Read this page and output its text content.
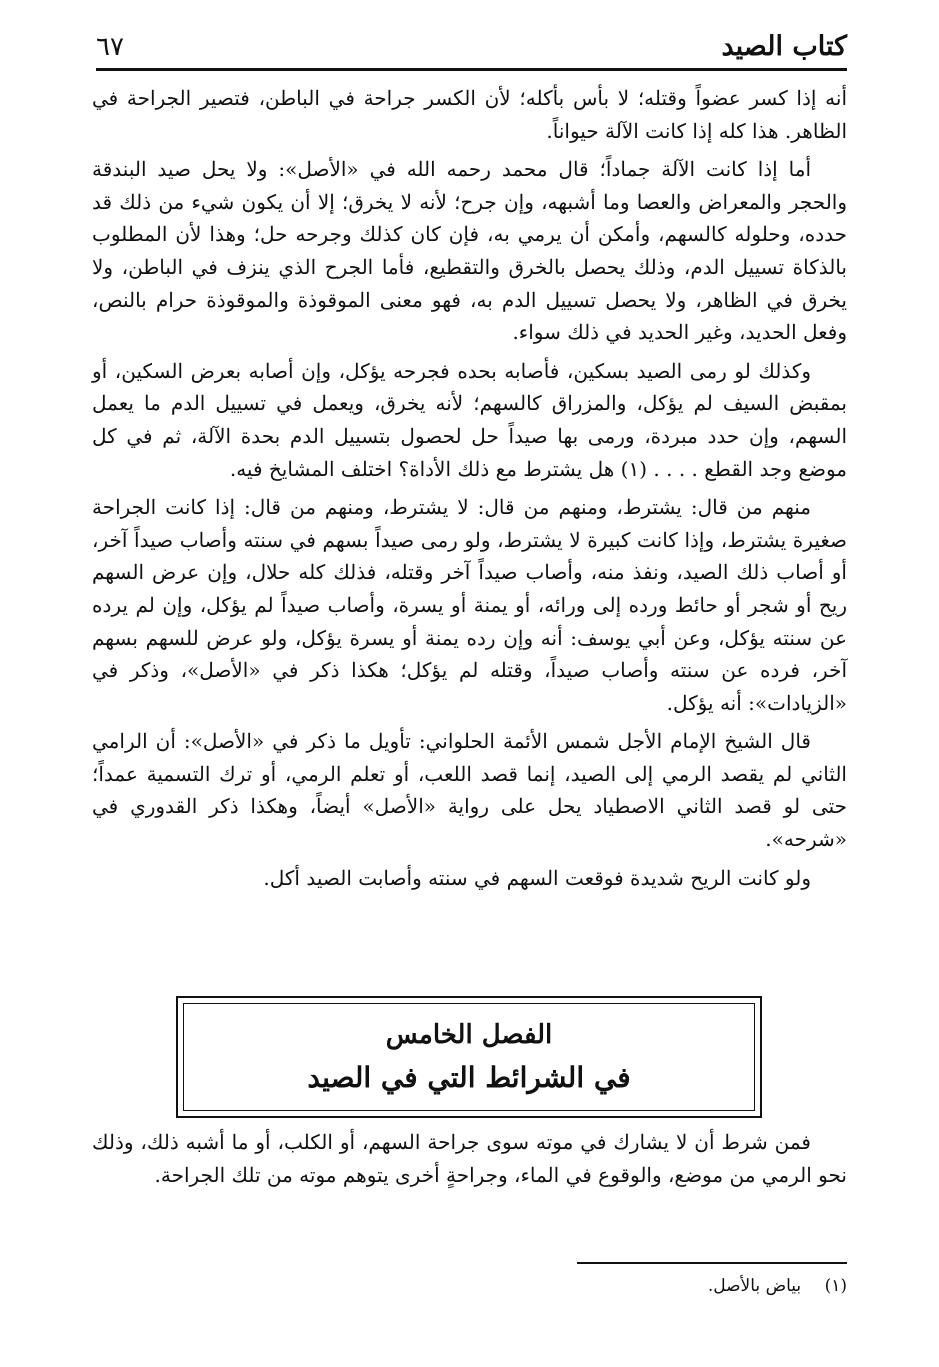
كتاب الصيد
٦٧

أنه إذا كسر عضواً وقتله؛ لا بأس بأكله؛ لأن الكسر جراحة في الباطن، فتصير الجراحة في الظاهر. هذا كله إذا كانت الآلة حيواناً.

أما إذا كانت الآلة جماداً؛ قال محمد رحمه الله في «الأصل»: ولا يحل صيد البندقة والحجر والمعراض والعصا وما أشبهه، وإن جرح؛ لأنه لا يخرق؛ إلا أن يكون شيء من ذلك قد حدده، وحلوله كالسهم، وأمكن أن يرمي به، فإن كان كذلك وجرحه حل؛ وهذا لأن المطلوب بالذكاة تسييل الدم، وذلك يحصل بالخرق والتقطيع، فأما الجرح الذي ينزف في الباطن، ولا يخرق في الظاهر، ولا يحصل تسييل الدم به، فهو معنى الموقوذة والموقوذة حرام بالنص، وفعل الحديد، وغير الحديد في ذلك سواء.

وكذلك لو رمى الصيد بسكين، فأصابه بحده فجرحه يؤكل، وإن أصابه بعرض السكين، أو بمقبض السيف لم يؤكل، والمزراق كالسهم؛ لأنه يخرق، ويعمل في تسييل الدم ما يعمل السهم، وإن حدد مبردة، ورمى بها صيداً حل لحصول بتسييل الدم بحدة الآلة، ثم في كل موضع وجد القطع . . . . (١) هل يشترط مع ذلك الأداة؟ اختلف المشايخ فيه.

منهم من قال: يشترط، ومنهم من قال: لا يشترط، ومنهم من قال: إذا كانت الجراحة صغيرة يشترط، وإذا كانت كبيرة لا يشترط، ولو رمى صيداً بسهم في سنته وأصاب صيداً آخر، أو أصاب ذلك الصيد، ونفذ منه، وأصاب صيداً آخر وقتله، فذلك كله حلال، وإن عرض السهم ريح أو شجر أو حائط ورده إلى ورائه، أو يمنة أو يسرة، وأصاب صيداً لم يؤكل، وإن لم يرده عن سنته يؤكل، وعن أبي يوسف: أنه وإن رده يمنة أو يسرة يؤكل، ولو عرض للسهم بسهم آخر، فرده عن سنته وأصاب صيداً، وقتله لم يؤكل؛ هكذا ذكر في «الأصل»، وذكر في «الزيادات»: أنه يؤكل.

قال الشيخ الإمام الأجل شمس الأئمة الحلواني: تأويل ما ذكر في «الأصل»: أن الرامي الثاني لم يقصد الرمي إلى الصيد، إنما قصد اللعب، أو تعلم الرمي، أو ترك التسمية عمداً؛ حتى لو قصد الثاني الاصطياد يحل على رواية «الأصل» أيضاً، وهكذا ذكر القدوري في «شرحه».

ولو كانت الريح شديدة فوقعت السهم في سنته وأصابت الصيد أكل.

الفصل الخامس
في الشرائط التي في الصيد

فمن شرط أن لا يشارك في موته سوى جراحة السهم، أو الكلب، أو ما أشبه ذلك، وذلك نحو الرمي من موضع، والوقوع في الماء، وجراحةٍ أخرى يتوهم موته من تلك الجراحة.

(١) بياض بالأصل.
